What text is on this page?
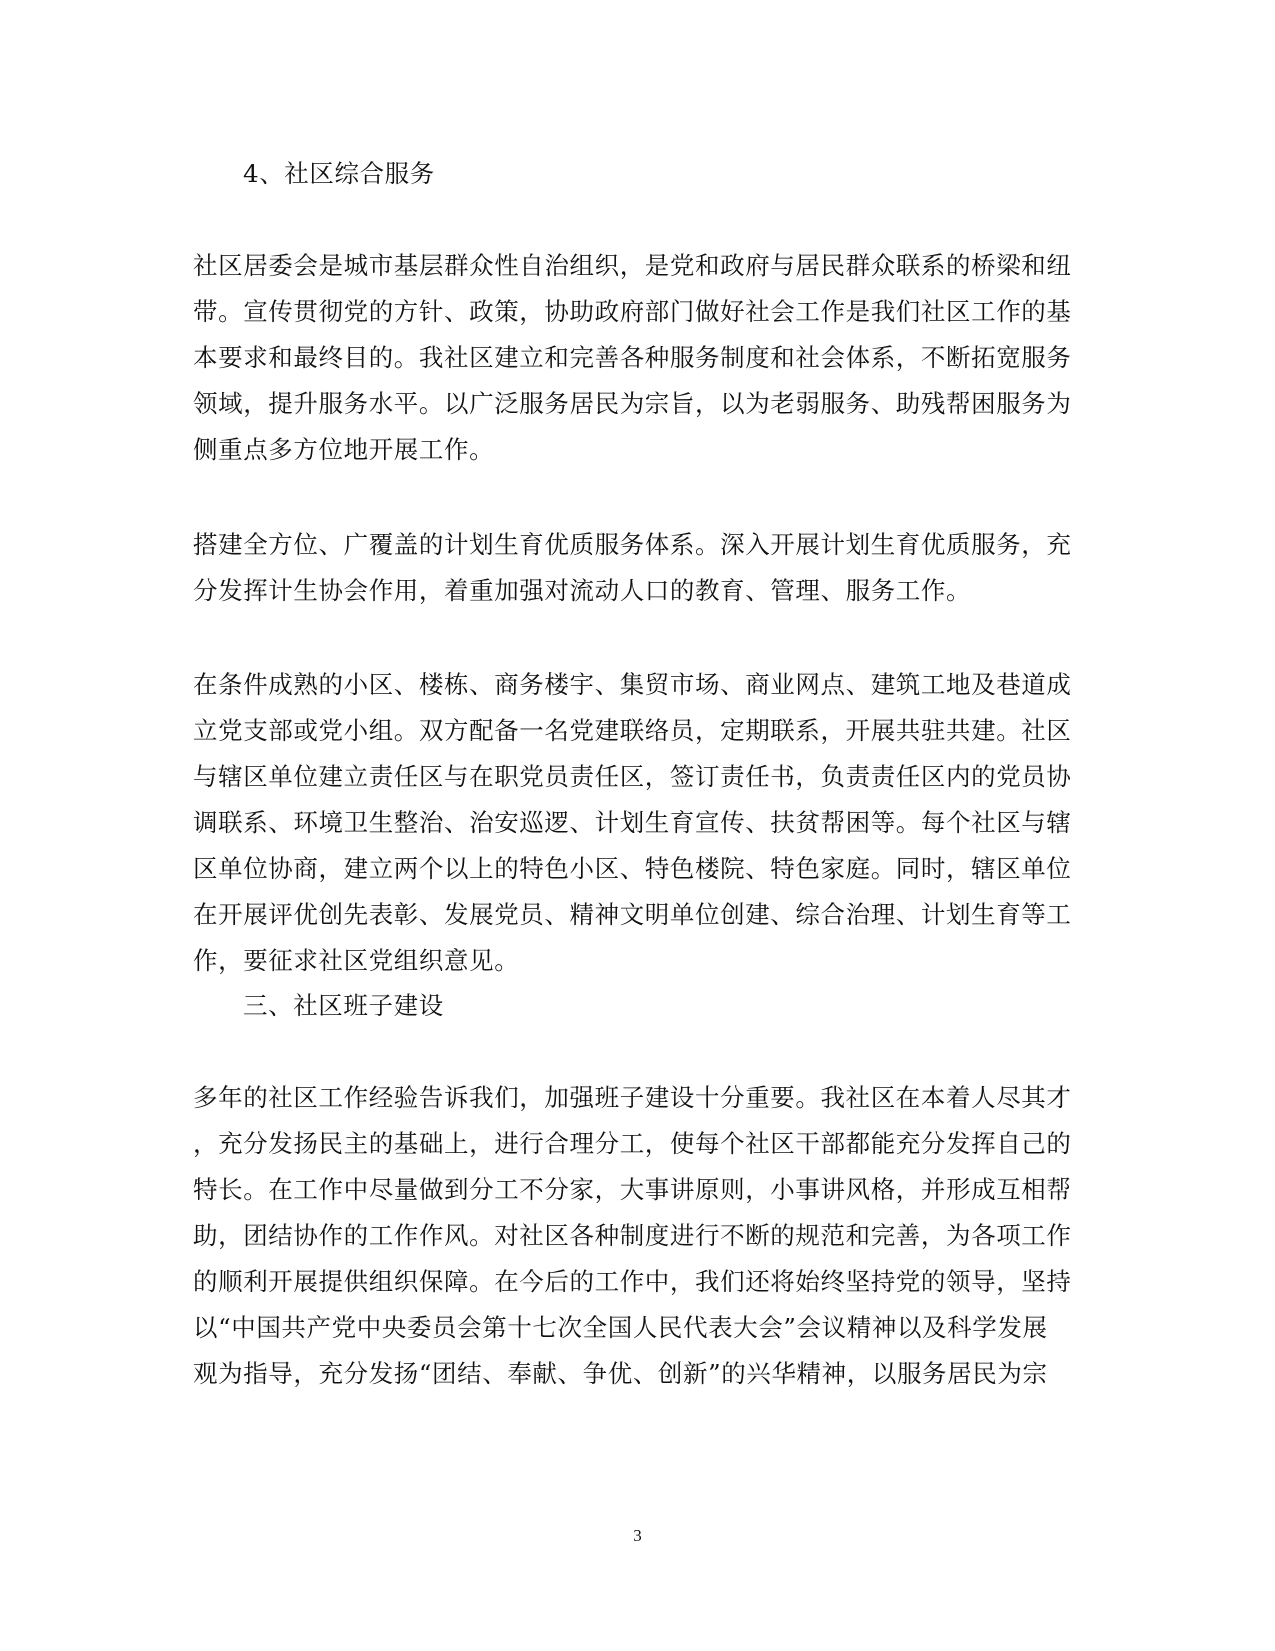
4、社区综合服务
社区居委会是城市基层群众性自治组织，是党和政府与居民群众联系的桥梁和纽
带。宣传贯彻党的方针、政策，协助政府部门做好社会工作是我们社区工作的基
本要求和最终目的。我社区建立和完善各种服务制度和社会体系，不断拓宽服务
领域，提升服务水平。以广泛服务居民为宗旨，以为老弱服务、助残帮困服务为
侧重点多方位地开展工作。
搭建全方位、广覆盖的计划生育优质服务体系。深入开展计划生育优质服务，充
分发挥计生协会作用，着重加强对流动人口的教育、管理、服务工作。
在条件成熟的小区、楼栋、商务楼宇、集贸市场、商业网点、建筑工地及巷道成
立党支部或党小组。双方配备一名党建联络员，定期联系，开展共驻共建。社区
与辖区单位建立责任区与在职党员责任区，签订责任书，负责责任区内的党员协
调联系、环境卫生整治、治安巡逻、计划生育宣传、扶贫帮困等。每个社区与辖
区单位协商，建立两个以上的特色小区、特色楼院、特色家庭。同时，辖区单位
在开展评优创先表彰、发展党员、精神文明单位创建、综合治理、计划生育等工
作，要征求社区党组织意见。
三、社区班子建设
多年的社区工作经验告诉我们，加强班子建设十分重要。我社区在本着人尽其才
，充分发扬民主的基础上，进行合理分工，使每个社区干部都能充分发挥自己的
特长。在工作中尽量做到分工不分家，大事讲原则，小事讲风格，并形成互相帮
助，团结协作的工作作风。对社区各种制度进行不断的规范和完善，为各项工作
的顺利开展提供组织保障。在今后的工作中，我们还将始终坚持党的领导，坚持
以“中国共产党中央委员会第十七次全国人民代表大会”会议精神以及科学发展
观为指导，充分发扬“团结、奉献、争优、创新”的兴华精神，以服务居民为宗
3
